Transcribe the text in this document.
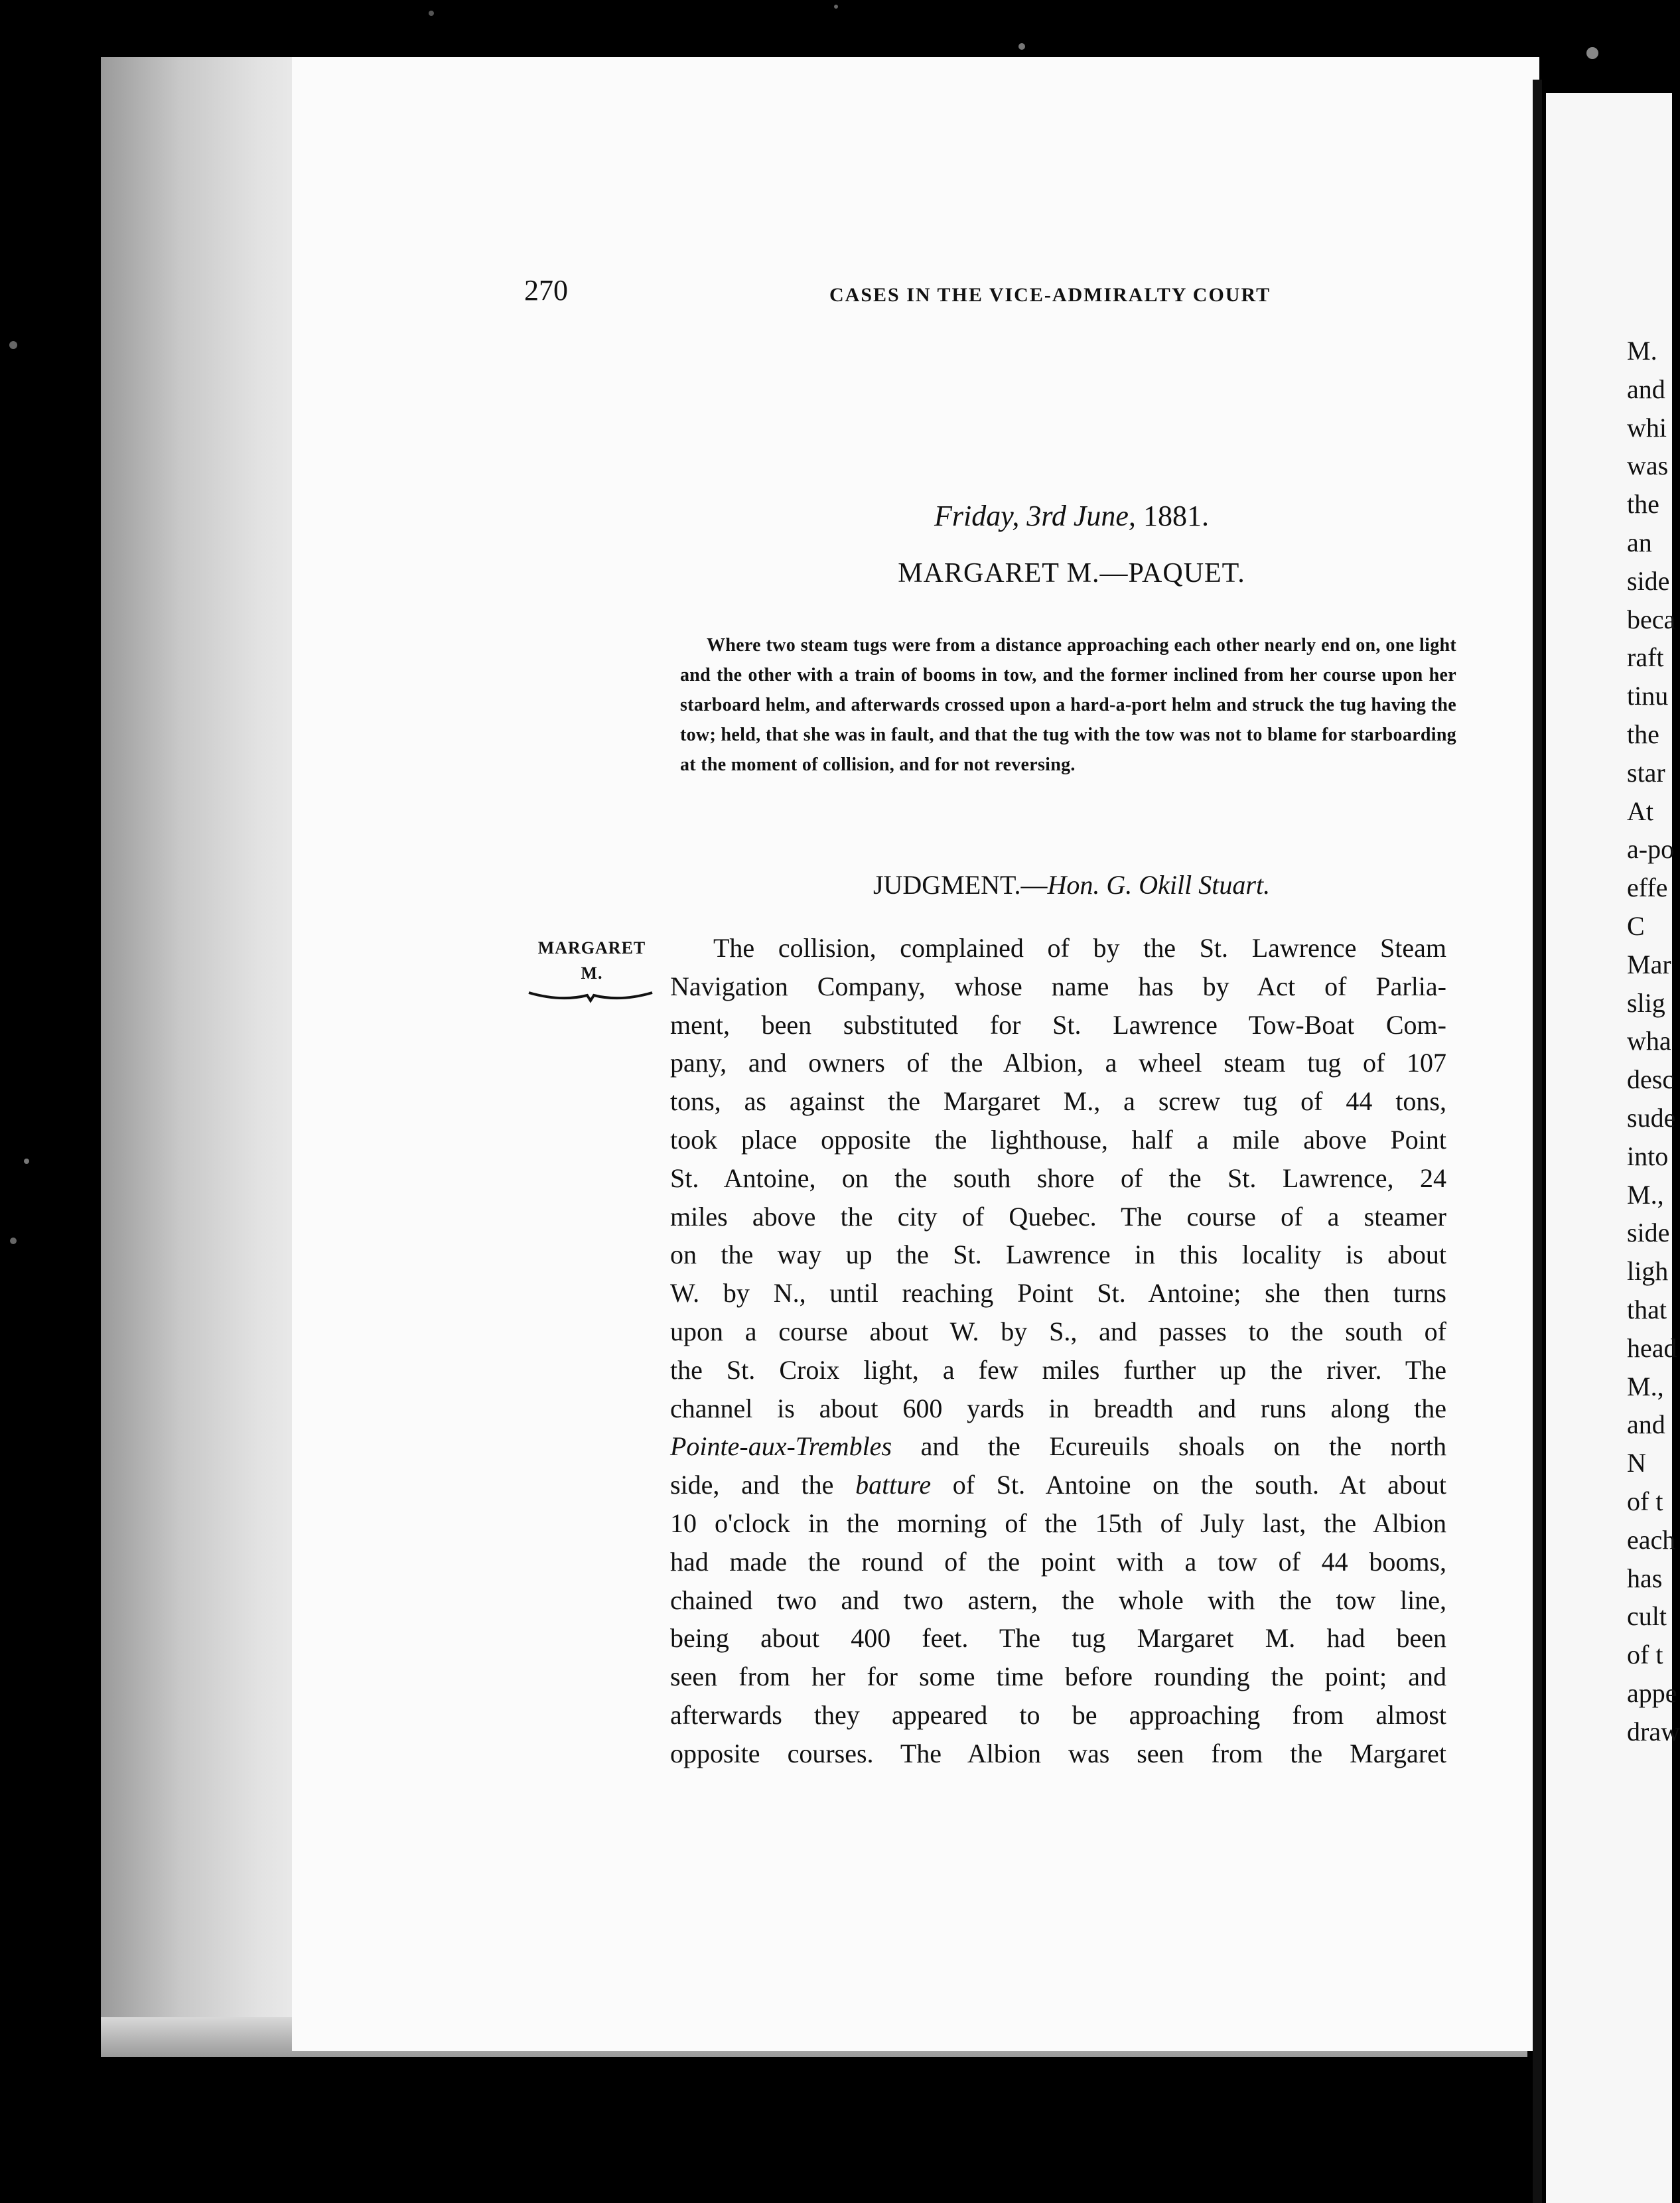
270	CASES IN THE VICE-ADMIRALTY COURT
Friday, 3rd June, 1881.
MARGARET M.—PAQUET.
Where two steam tugs were from a distance approaching each other nearly end on, one light and the other with a train of booms in tow, and the former inclined from her course upon her starboard helm, and afterwards crossed upon a hard-a-port helm and struck the tug having the tow; held, that she was in fault, and that the tug with the tow was not to blame for starboarding at the moment of collision, and for not reversing.
JUDGMENT.—Hon. G. Okill Stuart.
MARGARET
M.
The collision, complained of by the St. Lawrence Steam
Navigation Company, whose name has by Act of Parlia-
ment, been substituted for St. Lawrence Tow-Boat Com-
pany, and owners of the Albion, a wheel steam tug of 107
tons, as against the Margaret M., a screw tug of 44 tons,
took place opposite the lighthouse, half a mile above Point
St. Antoine, on the south shore of the St. Lawrence, 24
miles above the city of Quebec. The course of a steamer
on the way up the St. Lawrence in this locality is about
W. by N., until reaching Point St. Antoine; she then turns
upon a course about W. by S., and passes to the south of
the St. Croix light, a few miles further up the river. The
channel is about 600 yards in breadth and runs along the
Pointe-aux-Trembles and the Ecureuils shoals on the north
side, and the batture of St. Antoine on the south. At about
10 o'clock in the morning of the 15th of July last, the Albion
had made the round of the point with a tow of 44 booms,
chained two and two astern, the whole with the tow line,
being about 400 feet. The tug Margaret M. had been
seen from her for some time before rounding the point; and
afterwards they appeared to be approaching from almost
opposite courses. The Albion was seen from the Margaret
M.
and
whi
was
the
an
side
beca
raft
tinu
the
star
At
a-po
effe
C
Mar
slig
wha
desc
sude
into
M.,
side
ligh
that
head
M.,
and
N
of t
each
has
cult
of t
appe
draw
